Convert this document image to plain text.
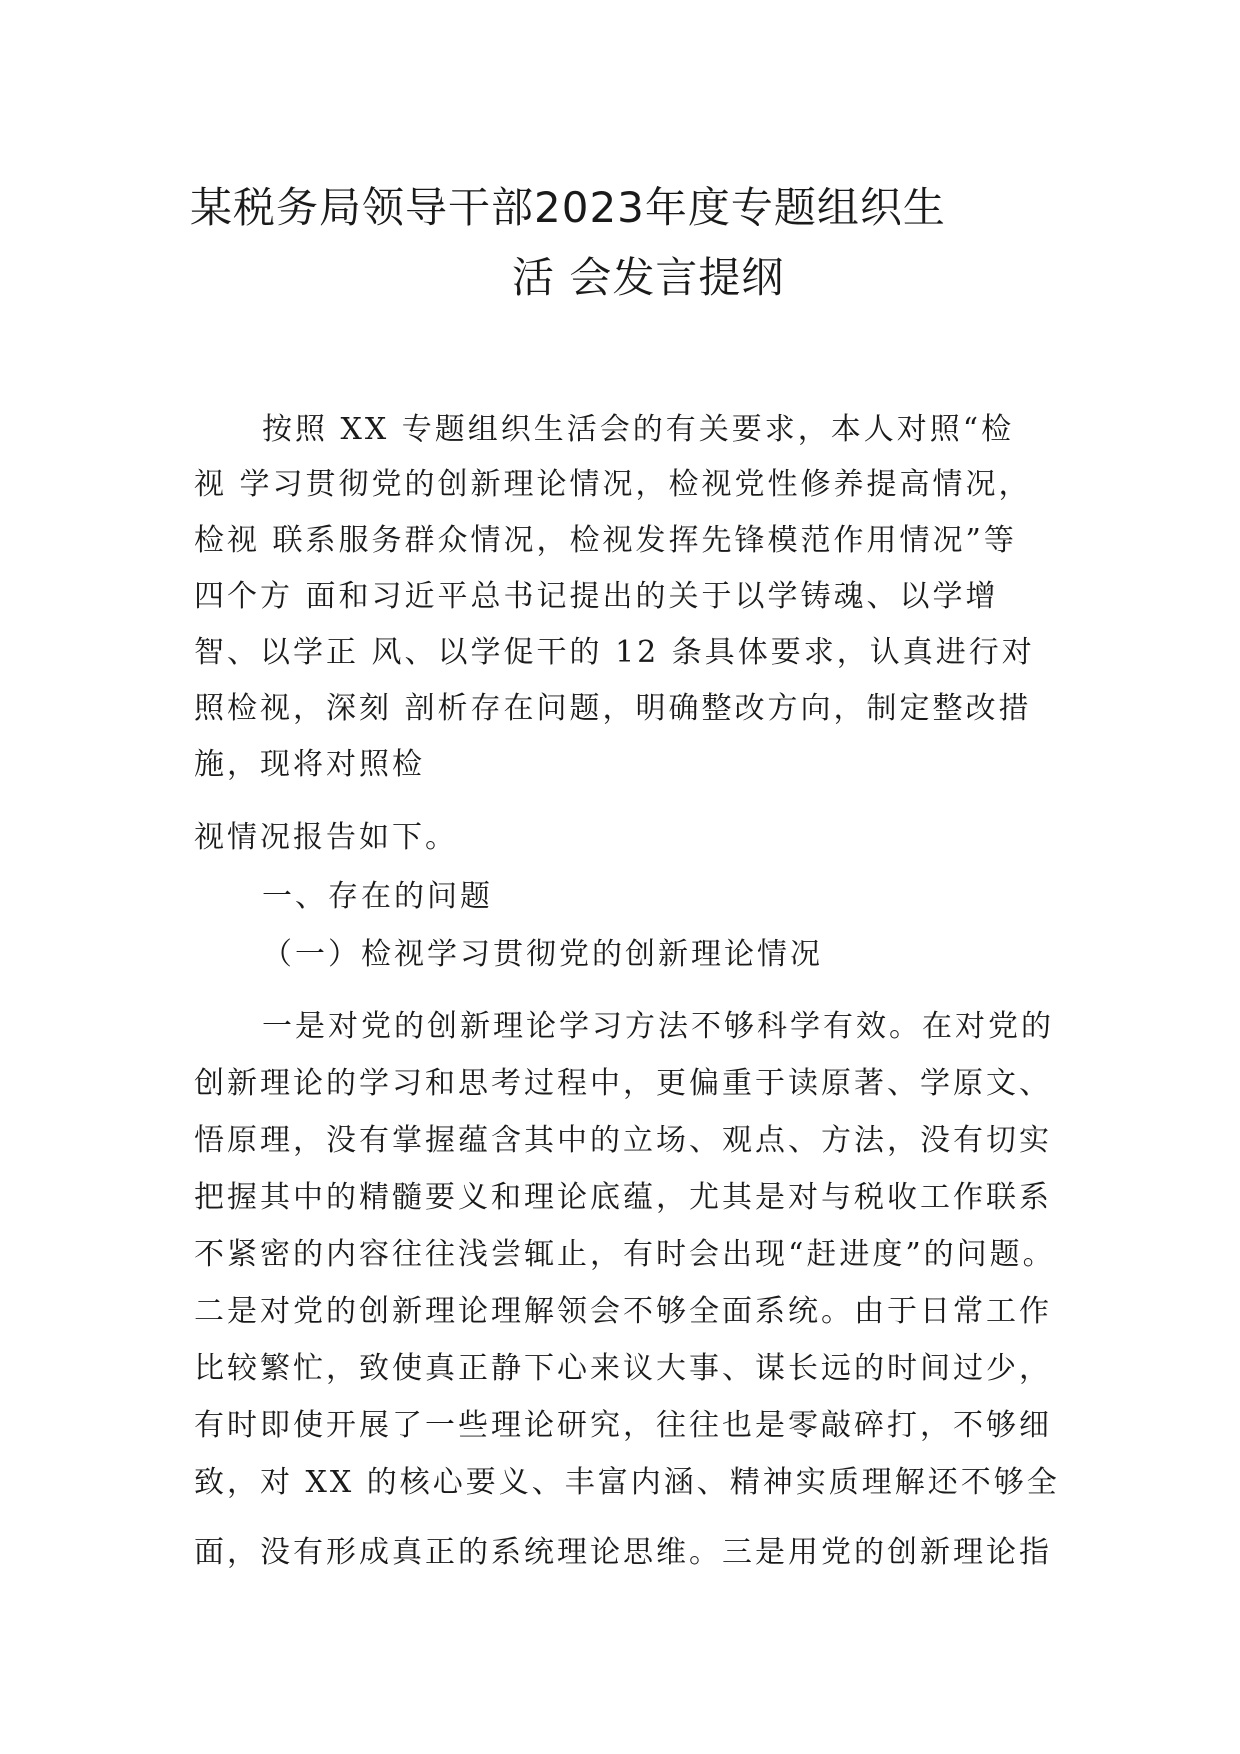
某税务局领导干部2023年度专题组织生
活 会发言提纲

按照 XX 专题组织生活会的有关要求，本人对照“检

视 学习贯彻党的创新理论情况，检视党性修养提高情况，

检视 联系服务群众情况，检视发挥先锋模范作用情况”等

四个方 面和习近平总书记提出的关于以学铸魂、以学增

智、以学正 风、以学促干的 12 条具体要求，认真进行对

照检视，深刻 剖析存在问题，明确整改方向，制定整改措

施，现将对照检

视情况报告如下。

一、存在的问题

（一）检视学习贯彻党的创新理论情况

一是对党的创新理论学习方法不够科学有效。在对党的

创新理论的学习和思考过程中，更偏重于读原著、学原文、

悟原理，没有掌握蕴含其中的立场、观点、方法，没有切实

把握其中的精髓要义和理论底蕴，尤其是对与税收工作联系

不紧密的内容往往浅尝辄止，有时会出现“赶进度”的问题。

二是对党的创新理论理解领会不够全面系统。由于日常工作

比较繁忙，致使真正静下心来议大事、谋长远的时间过少，

有时即使开展了一些理论研究，往往也是零敲碎打，不够细

致，对 XX 的核心要义、丰富内涵、精神实质理解还不够全

面，没有形成真正的系统理论思维。三是用党的创新理论指
